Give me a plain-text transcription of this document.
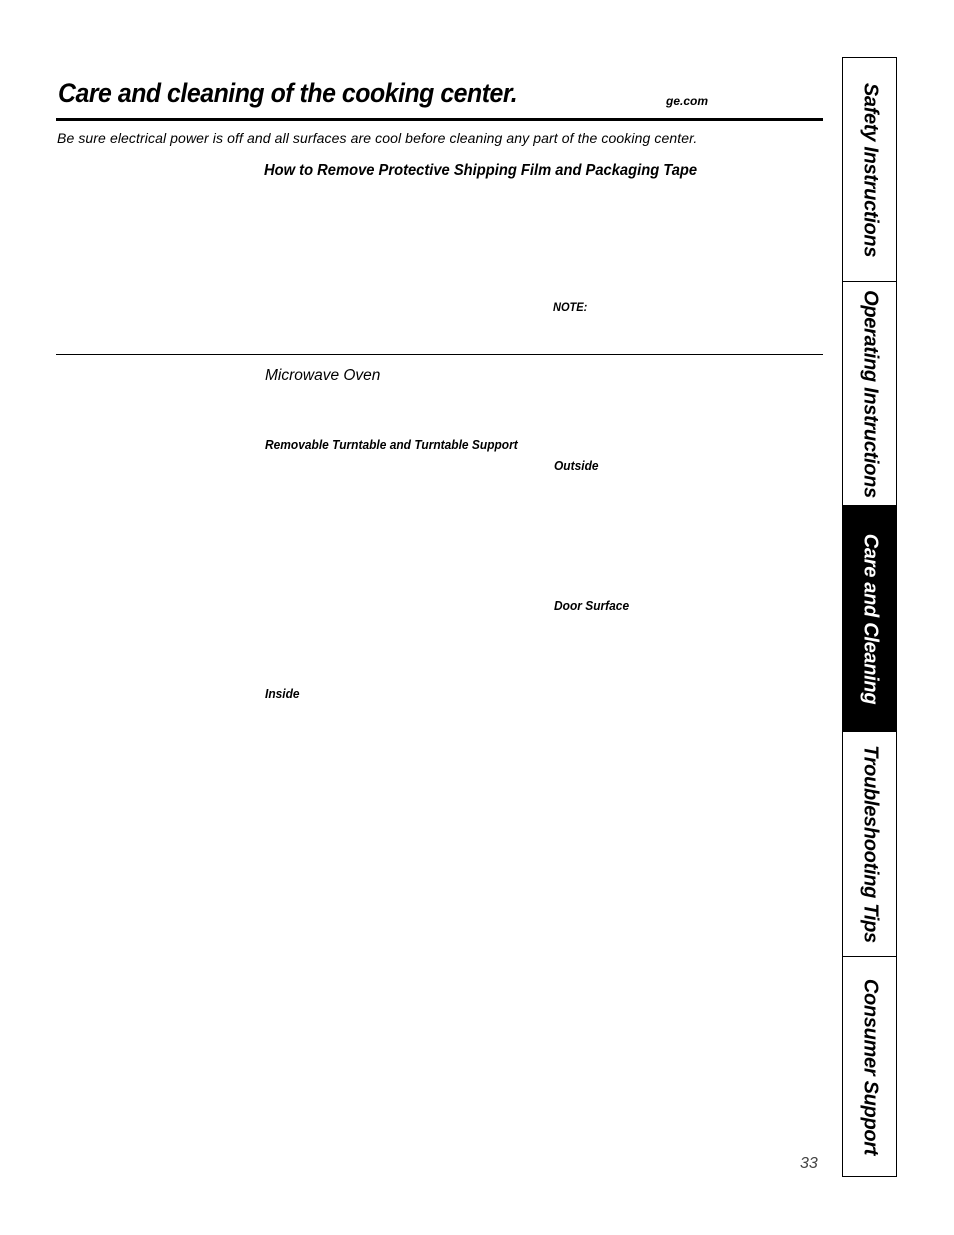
Care and cleaning of the cooking center.	ge.com
Be sure electrical power is off and all surfaces are cool before cleaning any part of the cooking center.
How to Remove Protective Shipping Film and Packaging Tape
NOTE:
Microwave Oven
Removable Turntable and Turntable Support
Outside
Door Surface
Inside
Safety Instructions
Operating Instructions
Care and Cleaning
Troubleshooting Tips
Consumer Support
33
